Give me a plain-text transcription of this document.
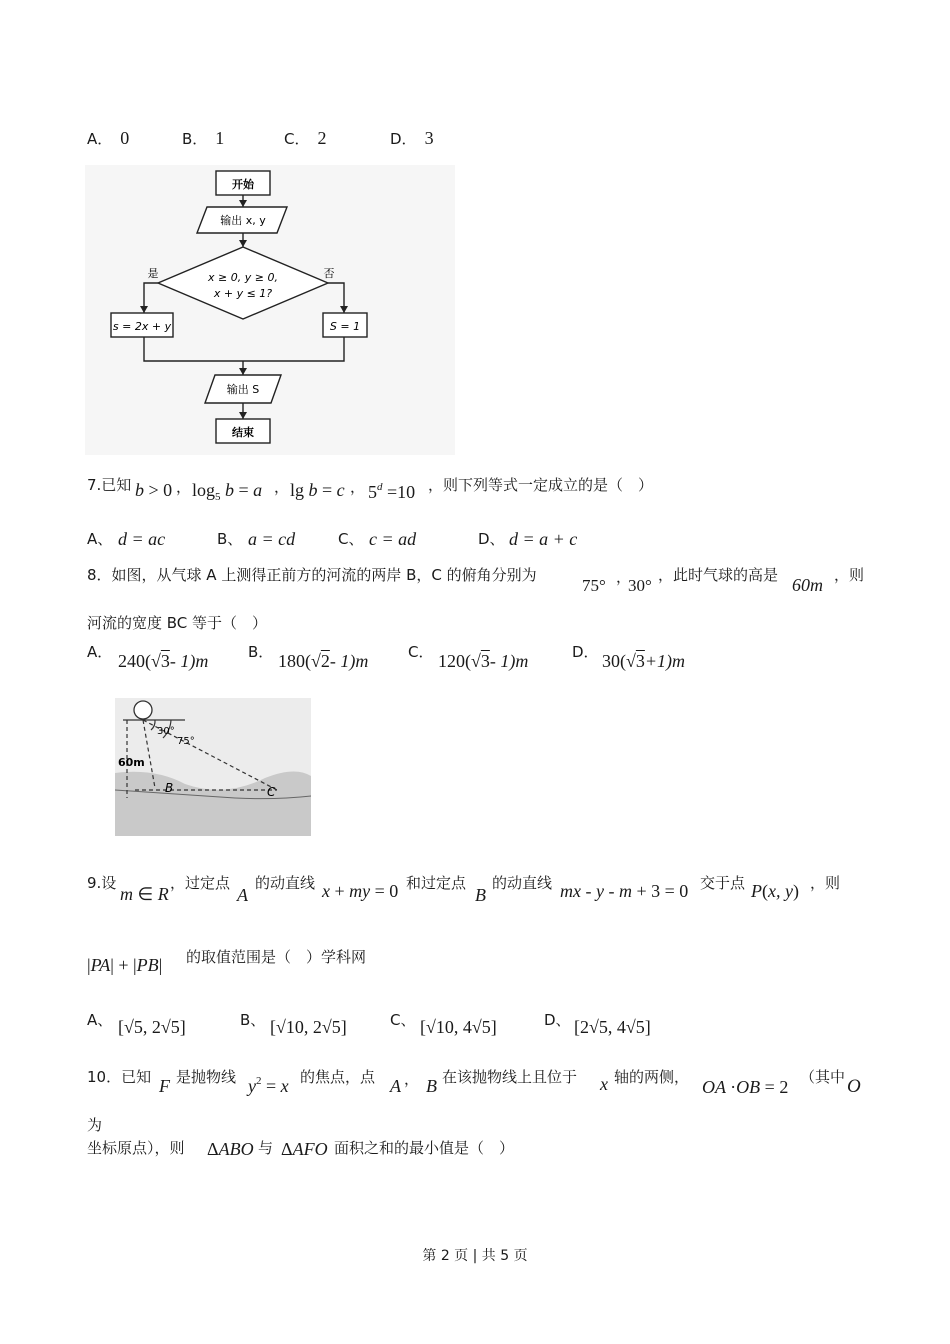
A． 0	B． 1	C． 2	D． 3
开始
输出 x, y
x ≥ 0, y ≥ 0,
x + y ≤ 1?
是	否
s = 2x + y	S = 1
输出 S
结束
7.已知 b > 0 ， $\log_5 b = a$ ， lg b = c ， $5^d =10$ ，则下列等式一定成立的是（　）
A、 d = ac	B、 a = cd	C、 c = ad	D、 d = a + c
8．如图，从气球 A 上测得正前方的河流的两岸 B，C 的俯角分别为
75° ，
30°
，此时气球的高是 60m ，则
河流的宽度 BC 等于（　）
A． 240(√3- 1)m	B． 180(√2- 1)m	C． 120(√3- 1)m	D． 30(√3+1)m
60m
30°
75°
B	C
9.设
m ∈ R
，过定点
A
的动直线 x + my = 0 和过定点
B
的动直线 mx - y - m + 3 = 0 交于点 P(x, y) ，则
|PA| + |PB| 的取值范围是（　）学科网
A、 [√5, 2√5]	B、 [√10, 2√5]	C、 [√10, 4√5]	D、 [2√5, 4√5]
10．已知 F 是抛物线 $y^2 = x$ 的焦点，点 A ， B 在该抛物线上且位于 x 轴的两侧， OA ·OB = 2 （其中 O
为
坐标原点），则 ΔABO 与 ΔAFO 面积之和的最小值是（　）
第 2 页 | 共 5 页
